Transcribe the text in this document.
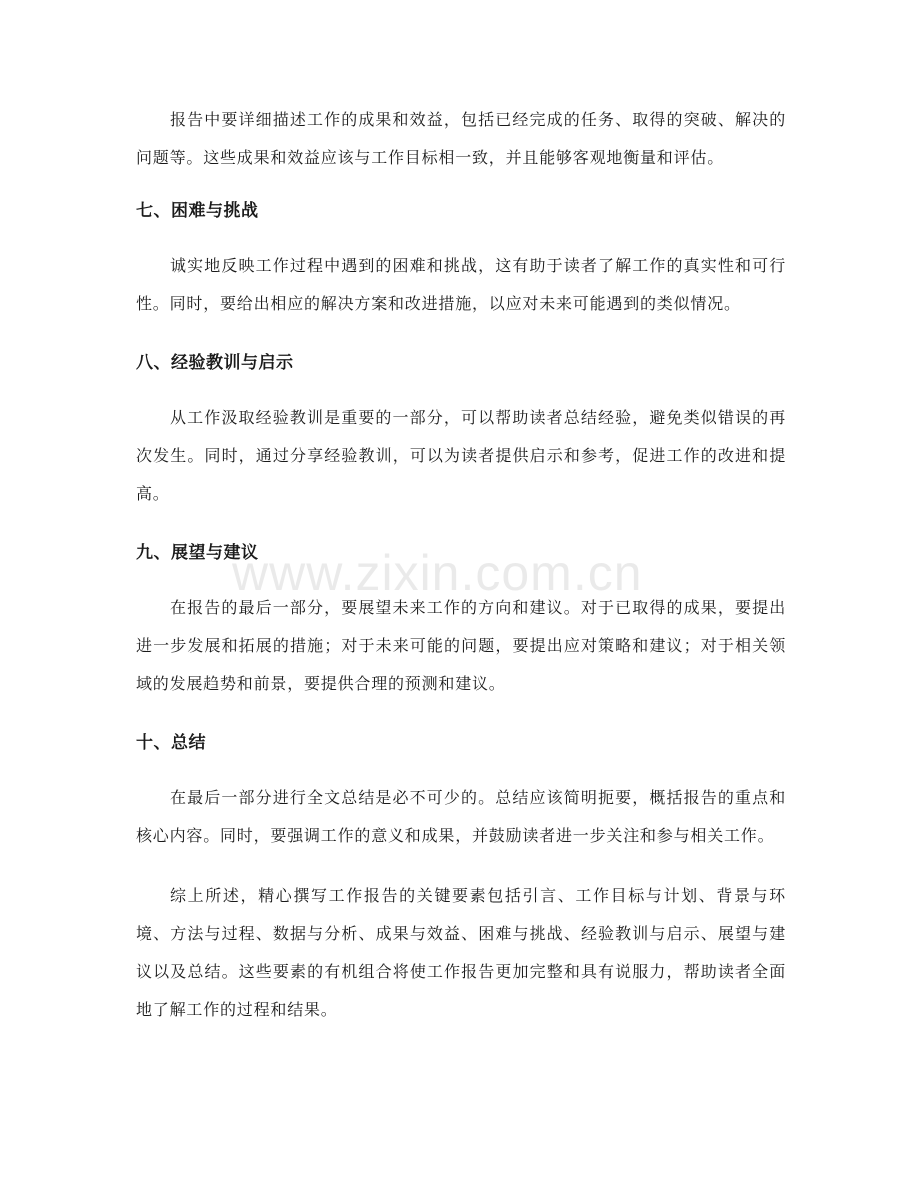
报告中要详细描述工作的成果和效益，包括已经完成的任务、取得的突破、解决的问题等。这些成果和效益应该与工作目标相一致，并且能够客观地衡量和评估。

七、困难与挑战

诚实地反映工作过程中遇到的困难和挑战，这有助于读者了解工作的真实性和可行性。同时，要给出相应的解决方案和改进措施，以应对未来可能遇到的类似情况。

八、经验教训与启示

从工作汲取经验教训是重要的一部分，可以帮助读者总结经验，避免类似错误的再次发生。同时，通过分享经验教训，可以为读者提供启示和参考，促进工作的改进和提高。

九、展望与建议

在报告的最后一部分，要展望未来工作的方向和建议。对于已取得的成果，要提出进一步发展和拓展的措施；对于未来可能的问题，要提出应对策略和建议；对于相关领域的发展趋势和前景，要提供合理的预测和建议。

十、总结

在最后一部分进行全文总结是必不可少的。总结应该简明扼要，概括报告的重点和核心内容。同时，要强调工作的意义和成果，并鼓励读者进一步关注和参与相关工作。

综上所述，精心撰写工作报告的关键要素包括引言、工作目标与计划、背景与环境、方法与过程、数据与分析、成果与效益、困难与挑战、经验教训与启示、展望与建议以及总结。这些要素的有机组合将使工作报告更加完整和具有说服力，帮助读者全面地了解工作的过程和结果。

www.zixin.com.cn
